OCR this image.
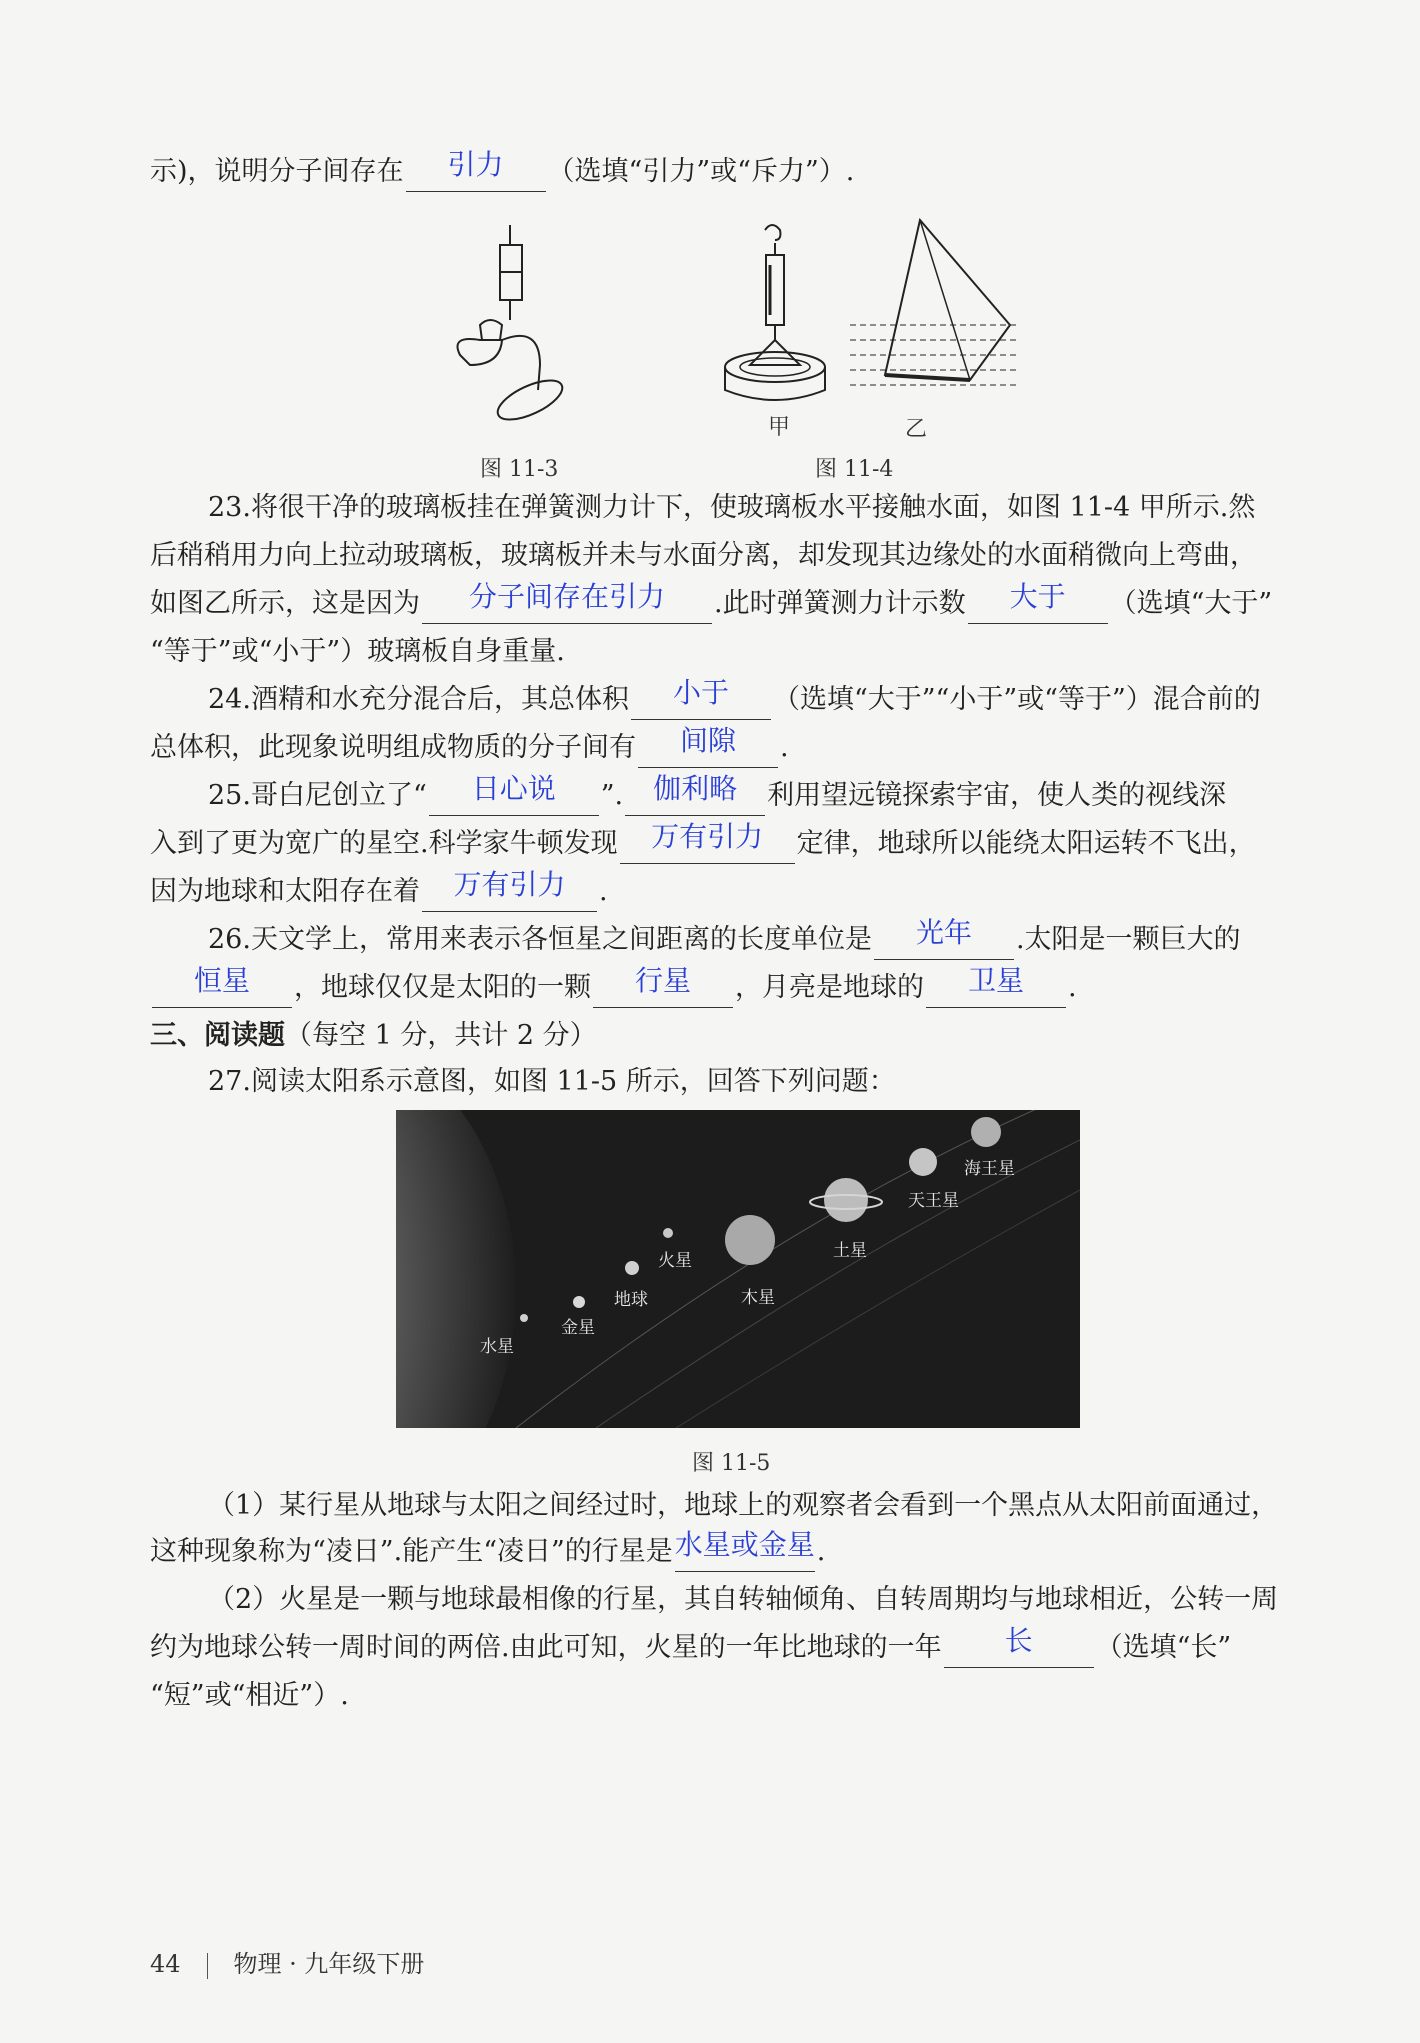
示)，说明分子间存在	引力	（选填“引力”或“斥力”）.
甲	乙
图 11-3	图 11-4
23.将很干净的玻璃板挂在弹簧测力计下，使玻璃板水平接触水面，如图 11-4 甲所示.然
后稍稍用力向上拉动玻璃板，玻璃板并未与水面分离，却发现其边缘处的水面稍微向上弯曲，
如图乙所示，这是因为	分子间存在引力	.此时弹簧测力计示数	大于	（选填“大于”
“等于”或“小于”）玻璃板自身重量.
24.酒精和水充分混合后，其总体积	小于	（选填“大于”“小于”或“等于”）混合前的
总体积，此现象说明组成物质的分子间有	间隙	.
25.哥白尼创立了“	日心说	”.	伽利略	利用望远镜探索宇宙，使人类的视线深
入到了更为宽广的星空.科学家牛顿发现	万有引力	定律，地球所以能绕太阳运转不飞出，
因为地球和太阳存在着	万有引力	.
26.天文学上，常用来表示各恒星之间距离的长度单位是	光年	.太阳是一颗巨大的
恒星	，地球仅仅是太阳的一颗	行星	，月亮是地球的	卫星	.
三、阅读题（每空 1 分，共计 2 分）
27.阅读太阳系示意图，如图 11-5 所示，回答下列问题：
水星
金星
地球
火星
木星
土星
天王星
海王星
图 11-5
（1）某行星从地球与太阳之间经过时，地球上的观察者会看到一个黑点从太阳前面通过，
这种现象称为“凌日”.能产生“凌日”的行星是 水星或金星 .
（2）火星是一颗与地球最相像的行星，其自转轴倾角、自转周期均与地球相近，公转一周
约为地球公转一周时间的两倍.由此可知，火星的一年比地球的一年	长	（选填“长”
“短”或“相近”）.
44 物理 · 九年级下册
